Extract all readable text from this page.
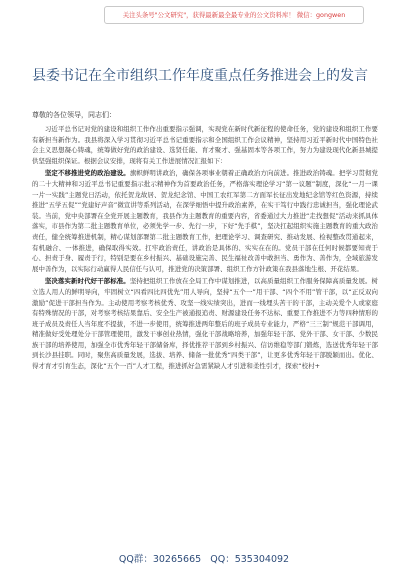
关注头条号"公文研究"，获得最新最全最专业的公文资料库！ 微信：gongwen
县委书记在全市组织工作年度重点任务推进会上的发言
尊敬的各位领导，同志们：

习近平总书记对党的建设和组织工作作出重要指示强调，实现党在新时代新征程的使命任务，党的建设和组织工作要有新担当新作为。我县将深入学习贯彻习近平总书记重要指示和全国组织工作会议精神，坚持用习近平新时代中国特色社会主义思想凝心铸魂，统筹做好党的政治建设、选贤任能、育才聚才、强基固本等各项工作，努力为建设现代化新县城提供坚强组织保证。根据会议安排，现将有关工作进展情况汇报如下：

坚定不移推进党的政治建设。旗帜鲜明讲政治，确保各项事业朝着正确政治方向前进。推进政治铸魂。把学习贯彻党的二十大精神和习近平总书记重要指示批示精神作为首要政治任务，严格落实理论学习“第一议题”制度，深化“一月一课一片一实践”主题党日活动，依托贺龙故居、贺龙纪念馆、中国工农红军第二方面军长征出发地纪念馆等红色资源，持续推进“五学五促”“党建好声音”微宣讲等系列活动，在深学细悟中提升政治素养，在实干笃行中践行忠诚担当，强化理论武装。当前，党中央部署在全党开展主题教育，我县作为主题教育的重要内容，省委通过大力推进“走找想促”活动来抓具体落实，市县作为第二批主题教育单位，必须先学一步、先行一步，下好“先手棋”，坚决扛起组织实施主题教育的重大政治责任，健全统筹推进机制，精心谋划部署第二批主题教育工作，把理论学习、调查研究、推动发展、检视整改贯通起来，有机融合、一体推进，确保取得实效。扛牢政治责任，讲政治是具体的、实实在在的。党员干部在任何时候都要知责于心、担责于身、履责于行，特别是要在乡村振兴、基础设施完善、民生福祉改善中敢担当、勇作为、善作为，全域旅游发展中善作为，以实际行动赢得人民信任与认可，推进党的决策部署、组织工作方针政策在我县落地生根、开花结果。

坚决落实新时代好干部标准。坚持把组织工作放在全局工作中谋划推进，以高质量组织工作服务保障高质量发展。树立选人用人的鲜明导向，牢固树立“四看四比四优先”用人导向，坚持“五个一”用干部、“四个不用”管干部，以“正反双向激励”促进干部担当作为。主动使用考察考核优秀、攻坚一线实绩突出，进而一线埋头苦干的干部，主动关爱个人或家庭有特殊情况的干部，对考察考核结果靠后、安全生产被通报追责、财源建设任务不达标、重要工作推进不力等四种情形的班子成员及责任人当年度不提拔，不进一步使用，统筹推进两年整后的班子成员专业能力，严格“三三制”规范干部调用，精准做好受处理处分干部管理使用，激发干事创业热情，强化干部战略培养，加强年轻干部、党外干部、女干部、少数民族干部的培养使用，加强全市优秀年轻干部储备库，择优推荐干部到乡村振兴、信访维稳等部门锻炼，选送优秀年轻干部到长沙县挂职。同时，聚焦高质量发展，选拔、培养、储备一批优秀“四类干部”，让更多优秀年轻干部脱颖而出。优化、得才育才引育生态，深化“五个一百”人才工程，推进抓好急需紧缺人才引进和柔性引才，探索“校村+

QQ群：30265665   QQ：535304092
